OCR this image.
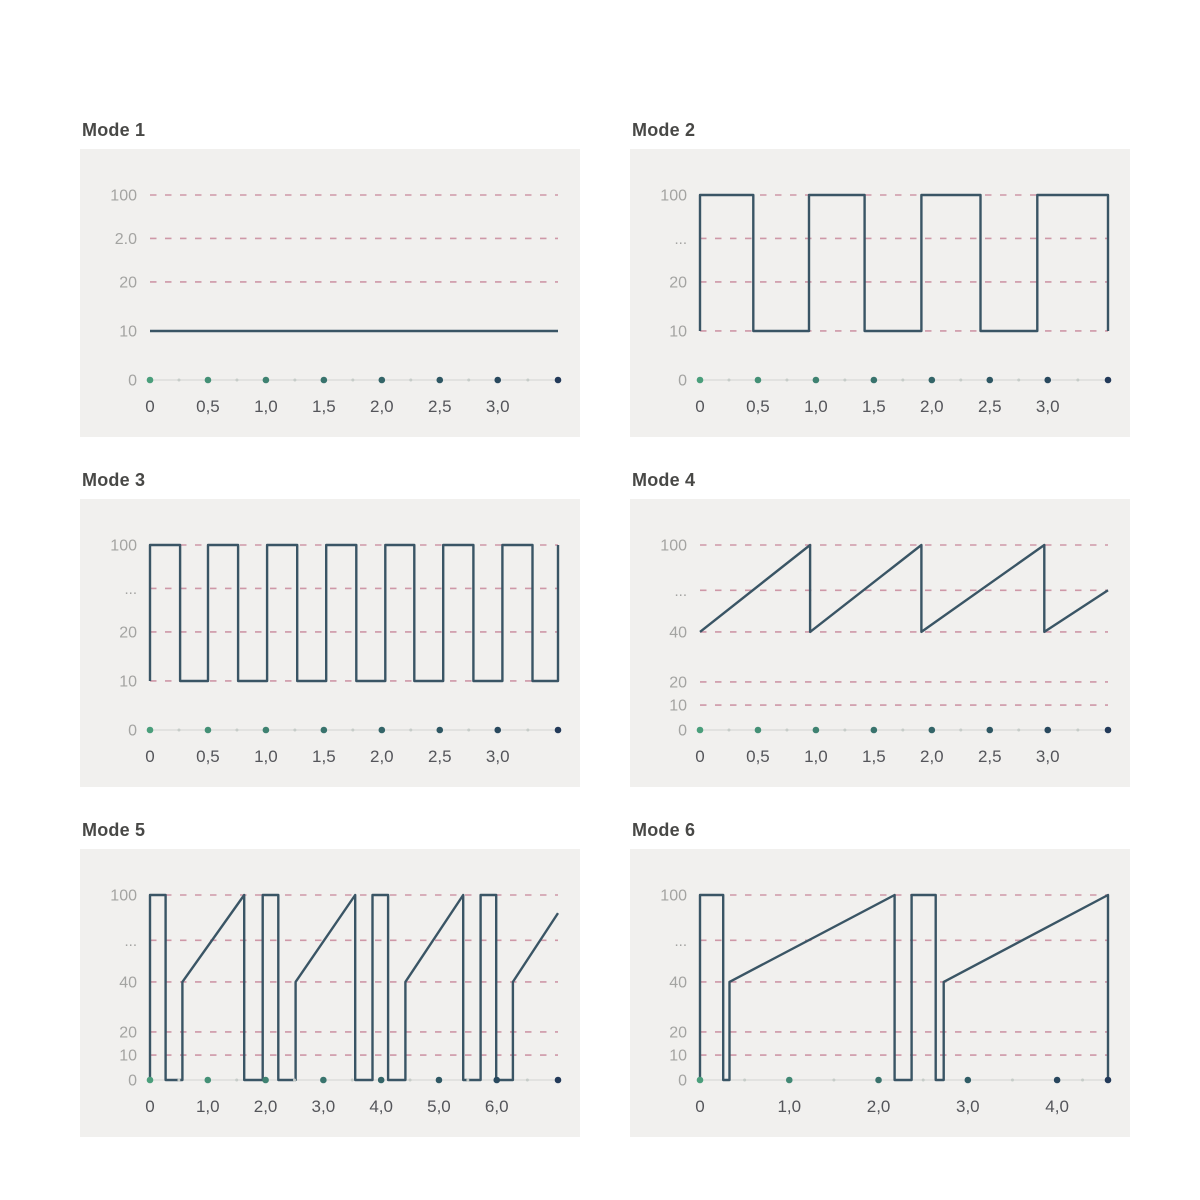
Mode 1
100
2.0
20
10
0
0 0,5 1,0 1,5 2,0 2,5 3,0
Mode 2
100
...
20
10
0
0 0,5 1,0 1,5 2,0 2,5 3,0
Mode 3
100
...
20
10
0
0 0,5 1,0 1,5 2,0 2,5 3,0
Mode 4
100
...
40
20
10
0
0 0,5 1,0 1,5 2,0 2,5 3,0
Mode 5
100
...
40
20
10
0
0 1,0 2,0 3,0 4,0 5,0 6,0
Mode 6
100
...
40
20
10
0
0	1,0	2,0	3,0	4,0
